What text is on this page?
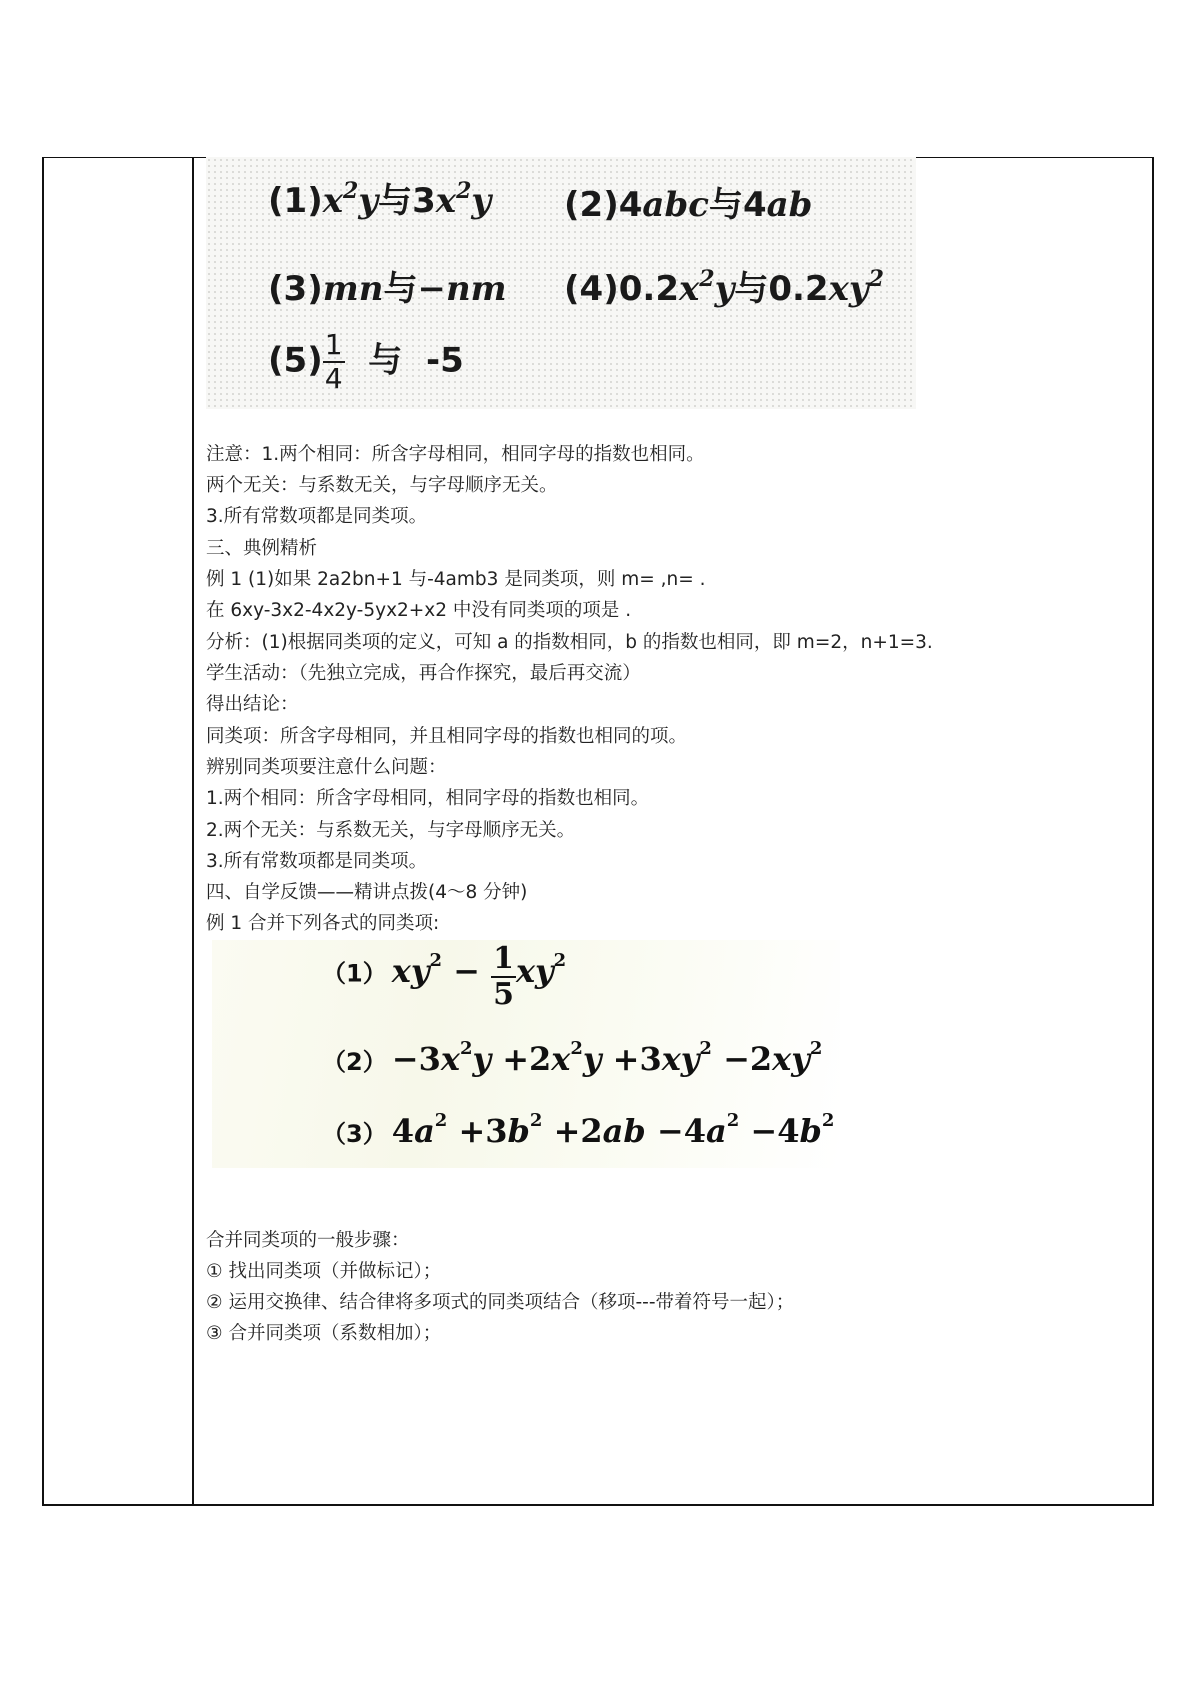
$(1)x^2y$与$3x^2y$ (2)4abc与4ab
(3)mn与−nm $(4)0.2x^2y$与$0.2xy^2$
$(5) \frac{1}{4}$ 与 -5
注意：1.两个相同：所含字母相同，相同字母的指数也相同。
两个无关：与系数无关，与字母顺序无关。
3.所有常数项都是同类项。
三、典例精析
例 1 (1)如果 2a2bn+1 与-4amb3 是同类项，则 m= ,n= .
在 6xy-3x2-4x2y-5yx2+x2 中没有同类项的项是 .
分析：(1)根据同类项的定义，可知 a 的指数相同，b 的指数也相同，即 m=2，n+1=3.
学生活动：（先独立完成，再合作探究，最后再交流）
得出结论：
同类项：所含字母相同，并且相同字母的指数也相同的项。
辨别同类项要注意什么问题：
1.两个相同：所含字母相同，相同字母的指数也相同。
2.两个无关：与系数无关，与字母顺序无关。
3.所有常数项都是同类项。
四、自学反馈——精讲点拨(4～8 分钟)
例 1 合并下列各式的同类项:
（1） $xy^2 - \frac{1}{5} xy^2$
$(2) -3x^2y +2x^2y +3xy^2 -2xy^2$
（3） $4a^2 +3b^2 +2ab -4a^2 -4b^2$
合并同类项的一般步骤：
① 找出同类项（并做标记）；
② 运用交换律、结合律将多项式的同类项结合（移项---带着符号一起）；
③ 合并同类项（系数相加）；
